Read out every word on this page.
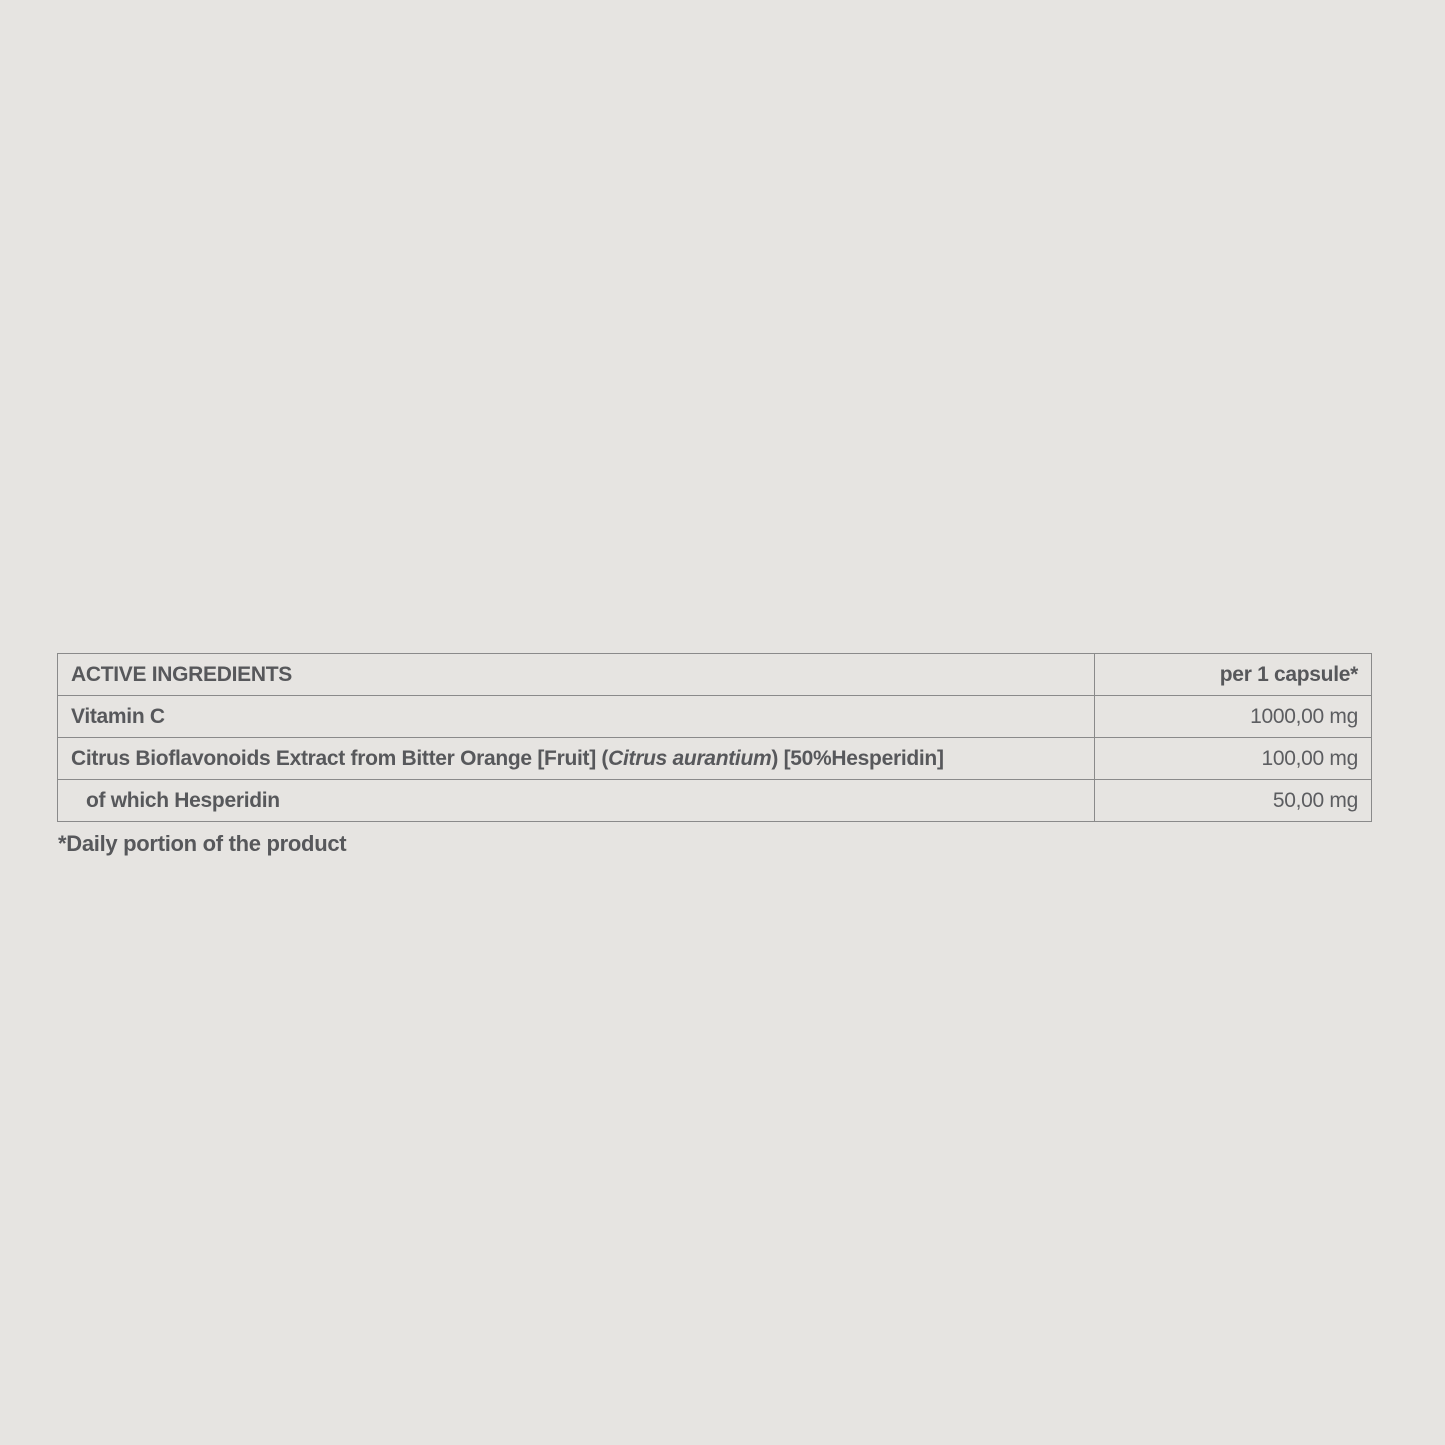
ACTIVE INGREDIENTS	per 1 capsule*
Vitamin C	1000,00 mg
Citrus Bioflavonoids Extract from Bitter Orange [Fruit] (Citrus aurantium) [50%Hesperidin]	100,00 mg
of which Hesperidin	50,00 mg
*Daily portion of the product
